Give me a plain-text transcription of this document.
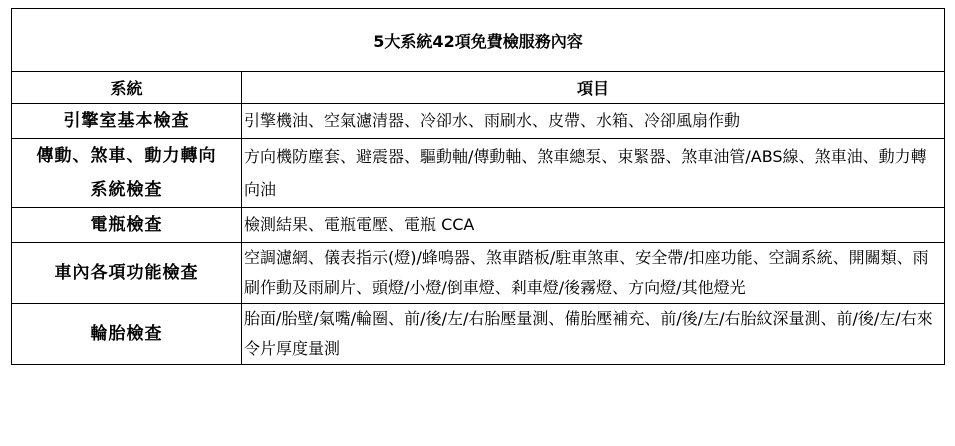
5大系統42項免費檢服務內容	
系統	項目
引擎室基本檢查	引擎機油、空氣濾清器、冷卻水、雨刷水、皮帶、水箱、冷卻風扇作動

傳動、煞車、動力轉向
系統檢查	方向機防塵套、避震器、驅動軸/傳動軸、煞車總泵、束緊器、煞車油管/ABS線、煞車油、動力轉向油
電瓶檢查	檢測結果、電瓶電壓、電瓶 CCA
車內各項功能檢查	空調濾網、儀表指示(燈)/蜂鳴器、煞車踏板/駐車煞車、安全帶/扣座功能、空調系統、開關類、雨刷作動及雨刷片、頭燈/小燈/倒車燈、剎車燈/後霧燈、方向燈/其他燈光
輪胎檢查	胎面/胎壁/氣嘴/輪圈、前/後/左/右胎壓量測、備胎壓補充、前/後/左/右胎紋深量測、前/後/左/右來令片厚度量測
